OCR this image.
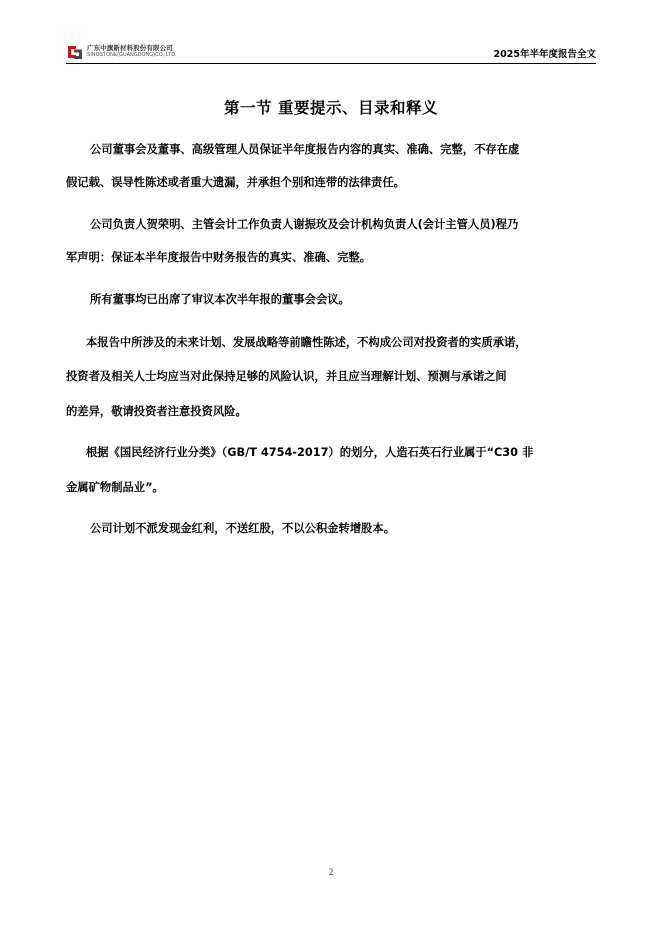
广东中旗新材料股份有限公司
SINOSTONE(GUANGDONG)CO.,LTD.	2025年半年度报告全文
第一节 重要提示、目录和释义
公司董事会及董事、高级管理人员保证半年度报告内容的真实、准确、完整，不存在虚
假记载、误导性陈述或者重大遗漏，并承担个别和连带的法律责任。
公司负责人贺荣明、主管会计工作负责人谢振玫及会计机构负责人(会计主管人员)程乃
军声明：保证本半年度报告中财务报告的真实、准确、完整。
所有董事均已出席了审议本次半年报的董事会会议。
本报告中所涉及的未来计划、发展战略等前瞻性陈述，不构成公司对投资者的实质承诺，
投资者及相关人士均应当对此保持足够的风险认识，并且应当理解计划、预测与承诺之间
的差异，敬请投资者注意投资风险。
根据《国民经济行业分类》（GB/T 4754-2017）的划分，人造石英石行业属于“C30 非
金属矿物制品业”。
公司计划不派发现金红利，不送红股，不以公积金转增股本。
2
